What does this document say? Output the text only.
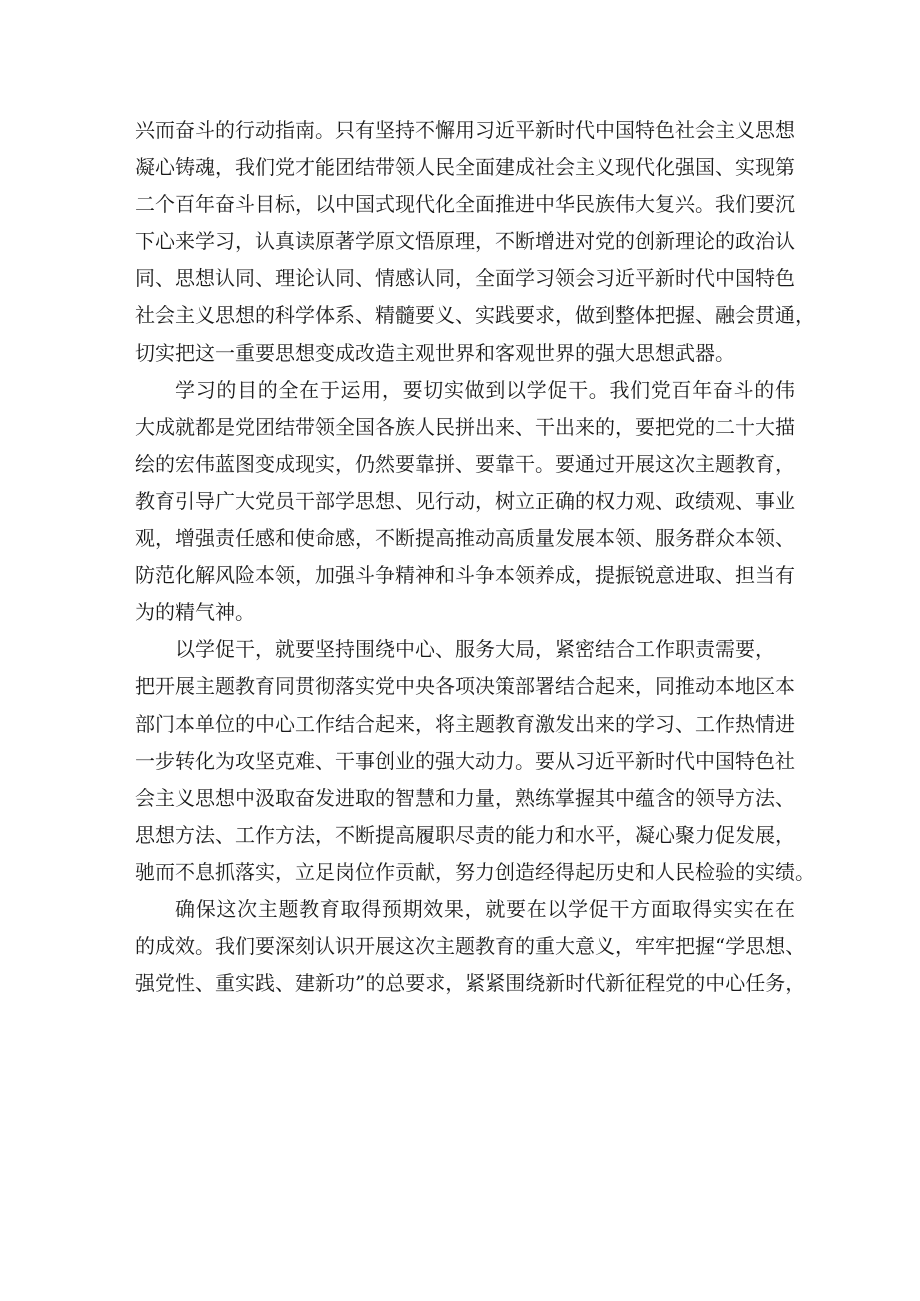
兴而奋斗的行动指南。只有坚持不懈用习近平新时代中国特色社会主义思想
凝心铸魂，我们党才能团结带领人民全面建成社会主义现代化强国、实现第
二个百年奋斗目标，以中国式现代化全面推进中华民族伟大复兴。我们要沉
下心来学习，认真读原著学原文悟原理，不断增进对党的创新理论的政治认
同、思想认同、理论认同、情感认同，全面学习领会习近平新时代中国特色
社会主义思想的科学体系、精髓要义、实践要求，做到整体把握、融会贯通，
切实把这一重要思想变成改造主观世界和客观世界的强大思想武器。
学习的目的全在于运用，要切实做到以学促干。我们党百年奋斗的伟
大成就都是党团结带领全国各族人民拼出来、干出来的，要把党的二十大描
绘的宏伟蓝图变成现实，仍然要靠拼、要靠干。要通过开展这次主题教育，
教育引导广大党员干部学思想、见行动，树立正确的权力观、政绩观、事业
观，增强责任感和使命感，不断提高推动高质量发展本领、服务群众本领、
防范化解风险本领，加强斗争精神和斗争本领养成，提振锐意进取、担当有
为的精气神。
以学促干，就要坚持围绕中心、服务大局，紧密结合工作职责需要，
把开展主题教育同贯彻落实党中央各项决策部署结合起来，同推动本地区本
部门本单位的中心工作结合起来，将主题教育激发出来的学习、工作热情进
一步转化为攻坚克难、干事创业的强大动力。要从习近平新时代中国特色社
会主义思想中汲取奋发进取的智慧和力量，熟练掌握其中蕴含的领导方法、
思想方法、工作方法，不断提高履职尽责的能力和水平，凝心聚力促发展，
驰而不息抓落实，立足岗位作贡献，努力创造经得起历史和人民检验的实绩。
确保这次主题教育取得预期效果，就要在以学促干方面取得实实在在
的成效。我们要深刻认识开展这次主题教育的重大意义，牢牢把握“学思想、
强党性、重实践、建新功”的总要求，紧紧围绕新时代新征程党的中心任务，
